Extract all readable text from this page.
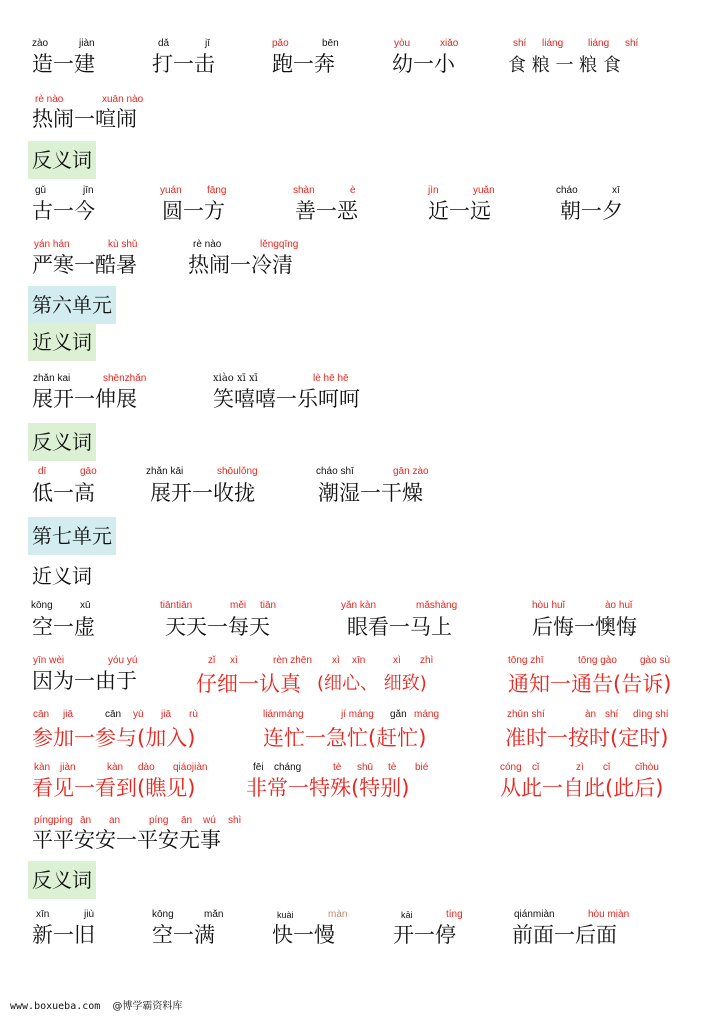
zào	jiàn	dǎ	jī	pǎo	bēn	yòu	xiǎo	shí liáng liáng shí
造一建	打一击	跑一奔	幼一小	食 粮 一 粮 食
rè nào	xuān nào
热闹一喧闹
反义词
gǔ	jīn	yuán	fāng	shàn	è	jìn	yuǎn	cháo	xī
古一今	圆一方	善一恶	近一远	朝一夕
yán hán	kù shǔ	rè nào	lěngqīng
严寒一酷暑 热闹一冷清
第六单元
近义词
zhǎn kai	shēnzhǎn	xiào xī xī	lè hē hē
展开一伸展	笑嘻嘻一乐呵呵
反义词
dī	gāo	zhǎn kāi	shōulǒng	cháo shī	gān zào
低一高	展开一收拢	潮湿一干燥
第七单元
近义词
kōng	xū	tiāntiān	měi tiān	yǎn kàn	mǎshàng	hòu huǐ	ào huǐ
空一虚	天天一每天	眼看一马上	后悔一懊悔
yīn wèi	yóu yú	zǐ xì	rèn zhēn xì xīn	xì zhì	tōng zhī	tōng gào gào sù
因为一由于	仔细一认真 (细心、 细致)	通知一通告(告诉)
cān jiā	cān yù jiā rù	liánmáng	jí máng gǎn máng	zhǔn shí	àn shí dìng shí
参加一参与(加入)	连忙一急忙(赶忙)	准时一按时(定时)
kàn jiàn	kàn dào qiáojiàn	fēi cháng	tè shū tè bié	cóng cǐ	zì cǐ cǐhòu
看见一看到(瞧见) 非常一特殊(特别)	从此一自此(此后)
píngpíng ān an	píng ān wú shì
平平安安一平安无事
反义词
xīn	jiù	kōng	mǎn	kuài	màn	kāi	tíng	qiánmiàn	hòu miàn
新一旧	空一满	快一慢	开一停	前面一后面
www.boxueba.com @博学霸资料库
